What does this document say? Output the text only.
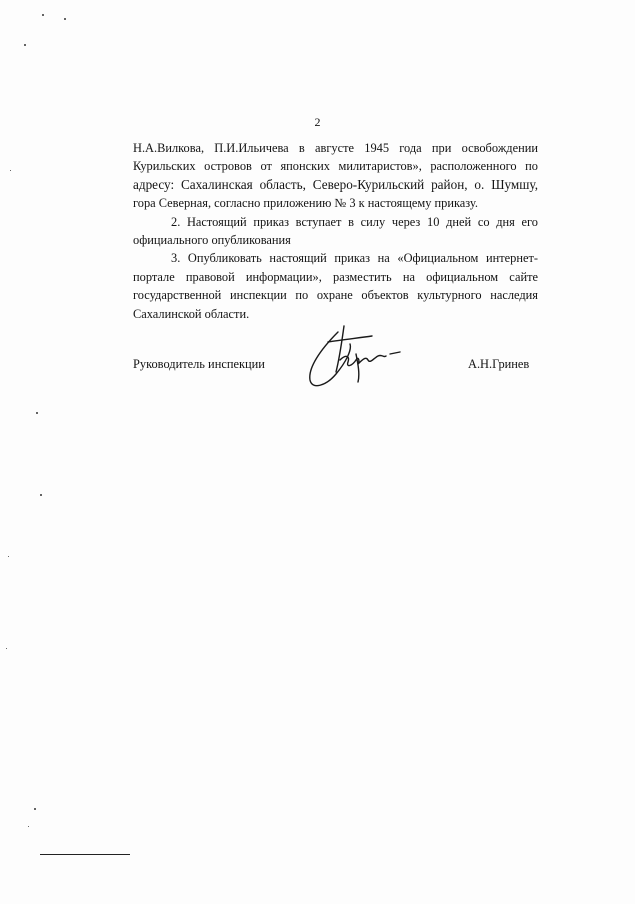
2

Н.А.Вилкова, П.И.Ильичева в августе 1945 года при освобождении
Курильских островов от японских милитаристов», расположенного по
адресу: Сахалинская область, Северо-Курильский район, о. Шумшу,
гора Северная, согласно приложению № 3 к настоящему приказу.

2. Настоящий приказ вступает в силу через 10 дней со дня его официального опубликования

3. Опубликовать настоящий приказ на «Официальном интернет-портале правовой информации», разместить на официальном сайте государственной инспекции по охране объектов культурного наследия Сахалинской области.

Руководитель инспекции	А.Н.Гринев
